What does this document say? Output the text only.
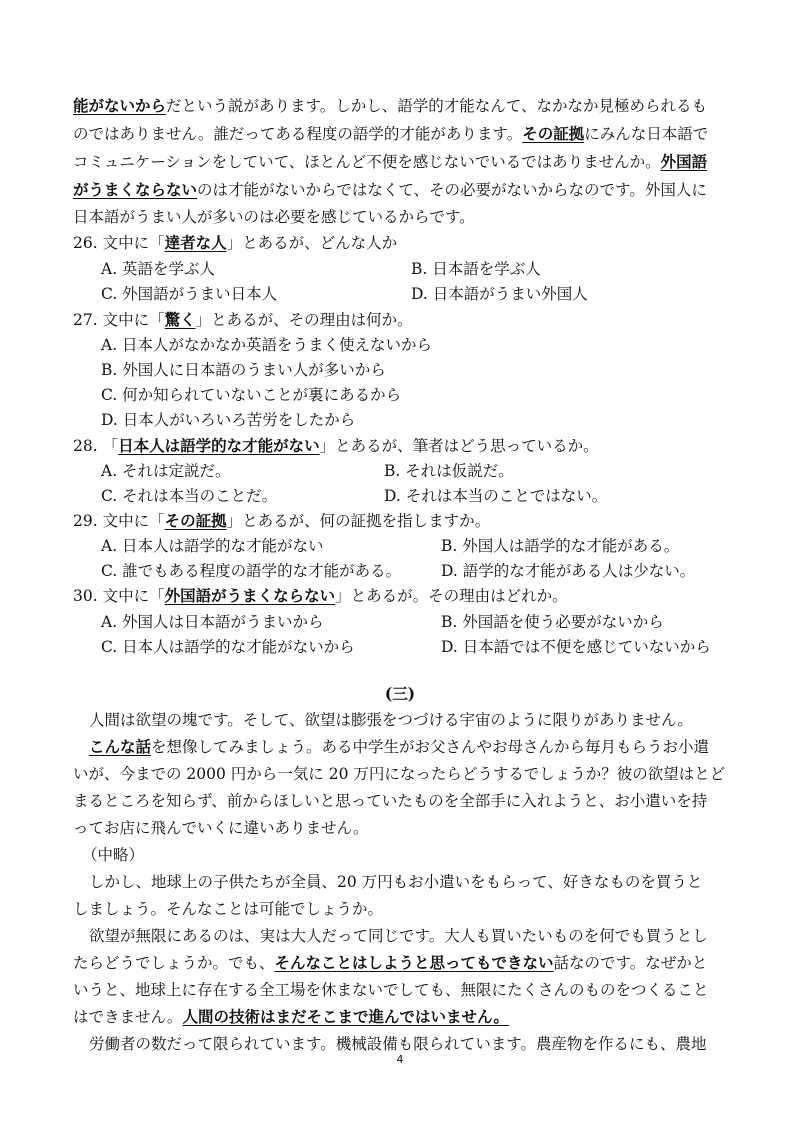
能がないからだという説があります。しかし、語学的才能なんて、なかなか見極められるも
のではありません。誰だってある程度の語学的才能があります。その証拠にみんな日本語で
コミュニケーションをしていて、ほとんど不便を感じないでいるではありませんか。外国語
がうまくならないのは才能がないからではなくて、その必要がないからなのです。外国人に
日本語がうまい人が多いのは必要を感じているからです。
26. 文中に「達者な人」とあるが、どんな人か
A. 英語を学ぶ人	B. 日本語を学ぶ人
C. 外国語がうまい日本人	D. 日本語がうまい外国人
27. 文中に「驚く」とあるが、その理由は何か。
A. 日本人がなかなか英語をうまく使えないから
B. 外国人に日本語のうまい人が多いから
C. 何か知られていないことが裏にあるから
D. 日本人がいろいろ苦労をしたから
28. 「日本人は語学的な才能がない」とあるが、筆者はどう思っているか。
A. それは定説だ。	B. それは仮説だ。
C. それは本当のことだ。	D. それは本当のことではない。
29. 文中に「その証拠」とあるが、何の証拠を指しますか。
A. 日本人は語学的な才能がない	B. 外国人は語学的な才能がある。
C. 誰でもある程度の語学的な才能がある。	D. 語学的な才能がある人は少ない。
30. 文中に「外国語がうまくならない」とあるが。その理由はどれか。
A. 外国人は日本語がうまいから	B. 外国語を使う必要がないから
C. 日本人は語学的な才能がないから	D. 日本語では不便を感じていないから
(三)
人間は欲望の塊です。そして、欲望は膨張をつづける宇宙のように限りがありません。
こんな話を想像してみましょう。ある中学生がお父さんやお母さんから毎月もらうお小遣
いが、今までの 2000 円から一気に 20 万円になったらどうするでしょうか？彼の欲望はとど
まるところを知らず、前からほしいと思っていたものを全部手に入れようと、お小遣いを持
ってお店に飛んでいくに違いありません。
（中略）
しかし、地球上の子供たちが全員、20 万円もお小遣いをもらって、好きなものを買うと
しましょう。そんなことは可能でしょうか。
欲望が無限にあるのは、実は大人だって同じです。大人も買いたいものを何でも買うとし
たらどうでしょうか。でも、そんなことはしようと思ってもできない話なのです。なぜかと
いうと、地球上に存在する全工場を休まないでしても、無限にたくさんのものをつくること
はできません。人間の技術はまだそこまで進んではいません。
労働者の数だって限られています。機械設備も限られています。農産物を作るにも、農地
4
